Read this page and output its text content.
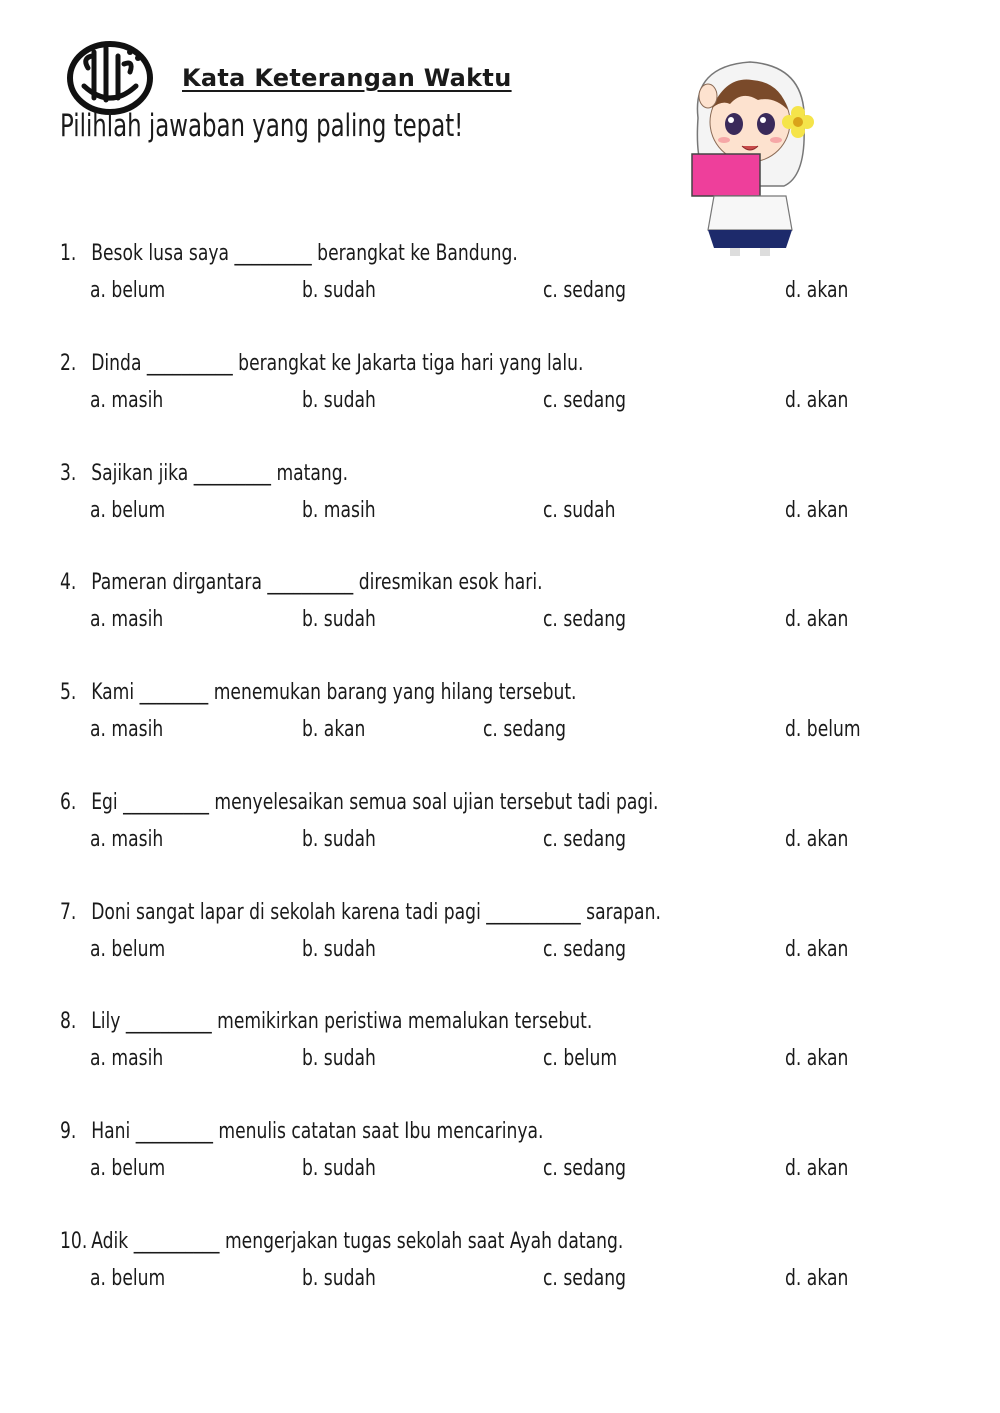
Kata Keterangan Waktu

Pilihlah jawaban yang paling tepat!

1. Besok lusa saya _________ berangkat ke Bandung.
a. belum	b. sudah	c. sedang	d. akan
2. Dinda __________ berangkat ke Jakarta tiga hari yang lalu.
a. masih	b. sudah	c. sedang	d. akan
3. Sajikan jika _________ matang.
a. belum	b. masih	c. sudah	d. akan
4. Pameran dirgantara __________ diresmikan esok hari.
a. masih	b. sudah	c. sedang	d. akan
5. Kami ________ menemukan barang yang hilang tersebut.
a. masih	b. akan	c. sedang	d. belum
6. Egi __________ menyelesaikan semua soal ujian tersebut tadi pagi.
a. masih	b. sudah	c. sedang	d. akan
7. Doni sangat lapar di sekolah karena tadi pagi ___________ sarapan.
a. belum	b. sudah	c. sedang	d. akan
8. Lily __________ memikirkan peristiwa memalukan tersebut.
a. masih	b. sudah	c. belum	d. akan
9. Hani _________ menulis catatan saat Ibu mencarinya.
a. belum	b. sudah	c. sedang	d. akan
10. Adik __________ mengerjakan tugas sekolah saat Ayah datang.
a. belum	b. sudah	c. sedang	d. akan
